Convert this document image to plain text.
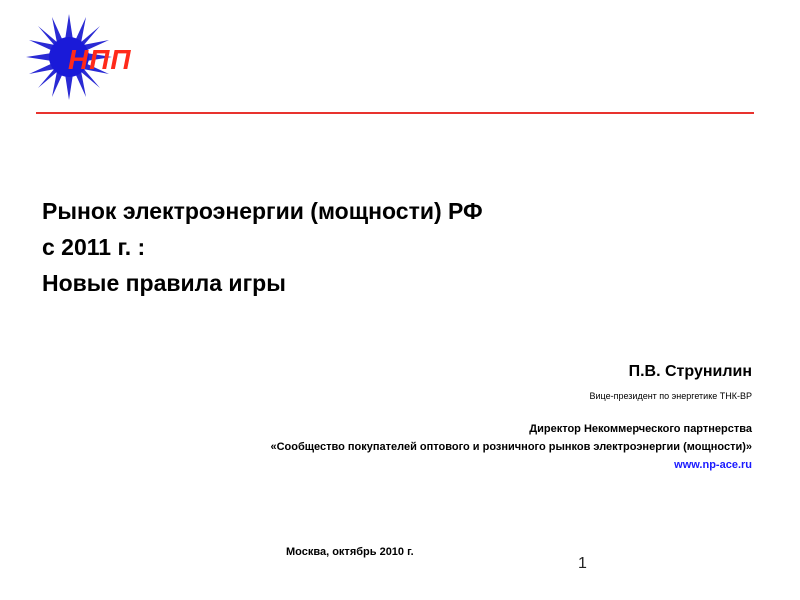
НПП
Рынок электроэнергии (мощности) РФ
с 2011 г. :
Новые правила игры
П.В. Струнилин
Вице-президент по энергетике ТНК-ВР
Директор Некоммерческого партнерства
«Сообщество покупателей оптового и розничного рынков электроэнергии (мощности)»
www.np-ace.ru
Москва, октябрь 2010 г.
1
